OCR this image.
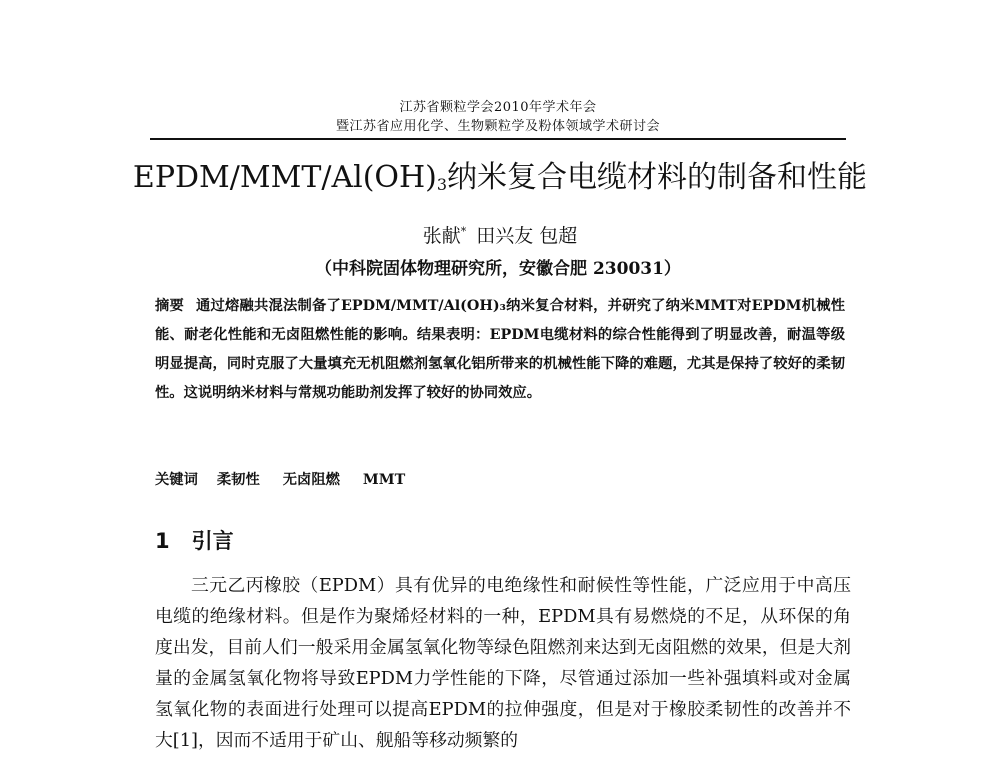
江苏省颗粒学会2010年学术年会
暨江苏省应用化学、生物颗粒学及粉体领域学术研讨会
EPDM/$MMT/Al(OH)_3$纳米复合电缆材料的制备和性能
张献* 田兴友 包超
（中科院固体物理研究所，安徽合肥 230031）
摘要 通过熔融共混法制备了EPDM/MMT/Al(OH)₃纳米复合材料，并研究了纳米MMT对EPDM机械性能、耐老化性能和无卤阻燃性能的影响。结果表明：EPDM电缆材料的综合性能得到了明显改善，耐温等级明显提高，同时克服了大量填充无机阻燃剂氢氧化铝所带来的机械性能下降的难题，尤其是保持了较好的柔韧性。这说明纳米材料与常规功能助剂发挥了较好的协同效应。
关键词 柔韧性 无卤阻燃 MMT
1 引言

三元乙丙橡胶（EPDM）具有优异的电绝缘性和耐候性等性能，广泛应用于中高压电缆的绝缘材料。但是作为聚烯烃材料的一种，EPDM具有易燃烧的不足，从环保的角度出发，目前人们一般采用金属氢氧化物等绿色阻燃剂来达到无卤阻燃的效果，但是大剂量的金属氢氧化物将导致EPDM力学性能的下降，尽管通过添加一些补强填料或对金属氢氧化物的表面进行处理可以提高EPDM的拉伸强度，但是对于橡胶柔韧性的改善并不大[1]，因而不适用于矿山、舰船等移动频繁的
